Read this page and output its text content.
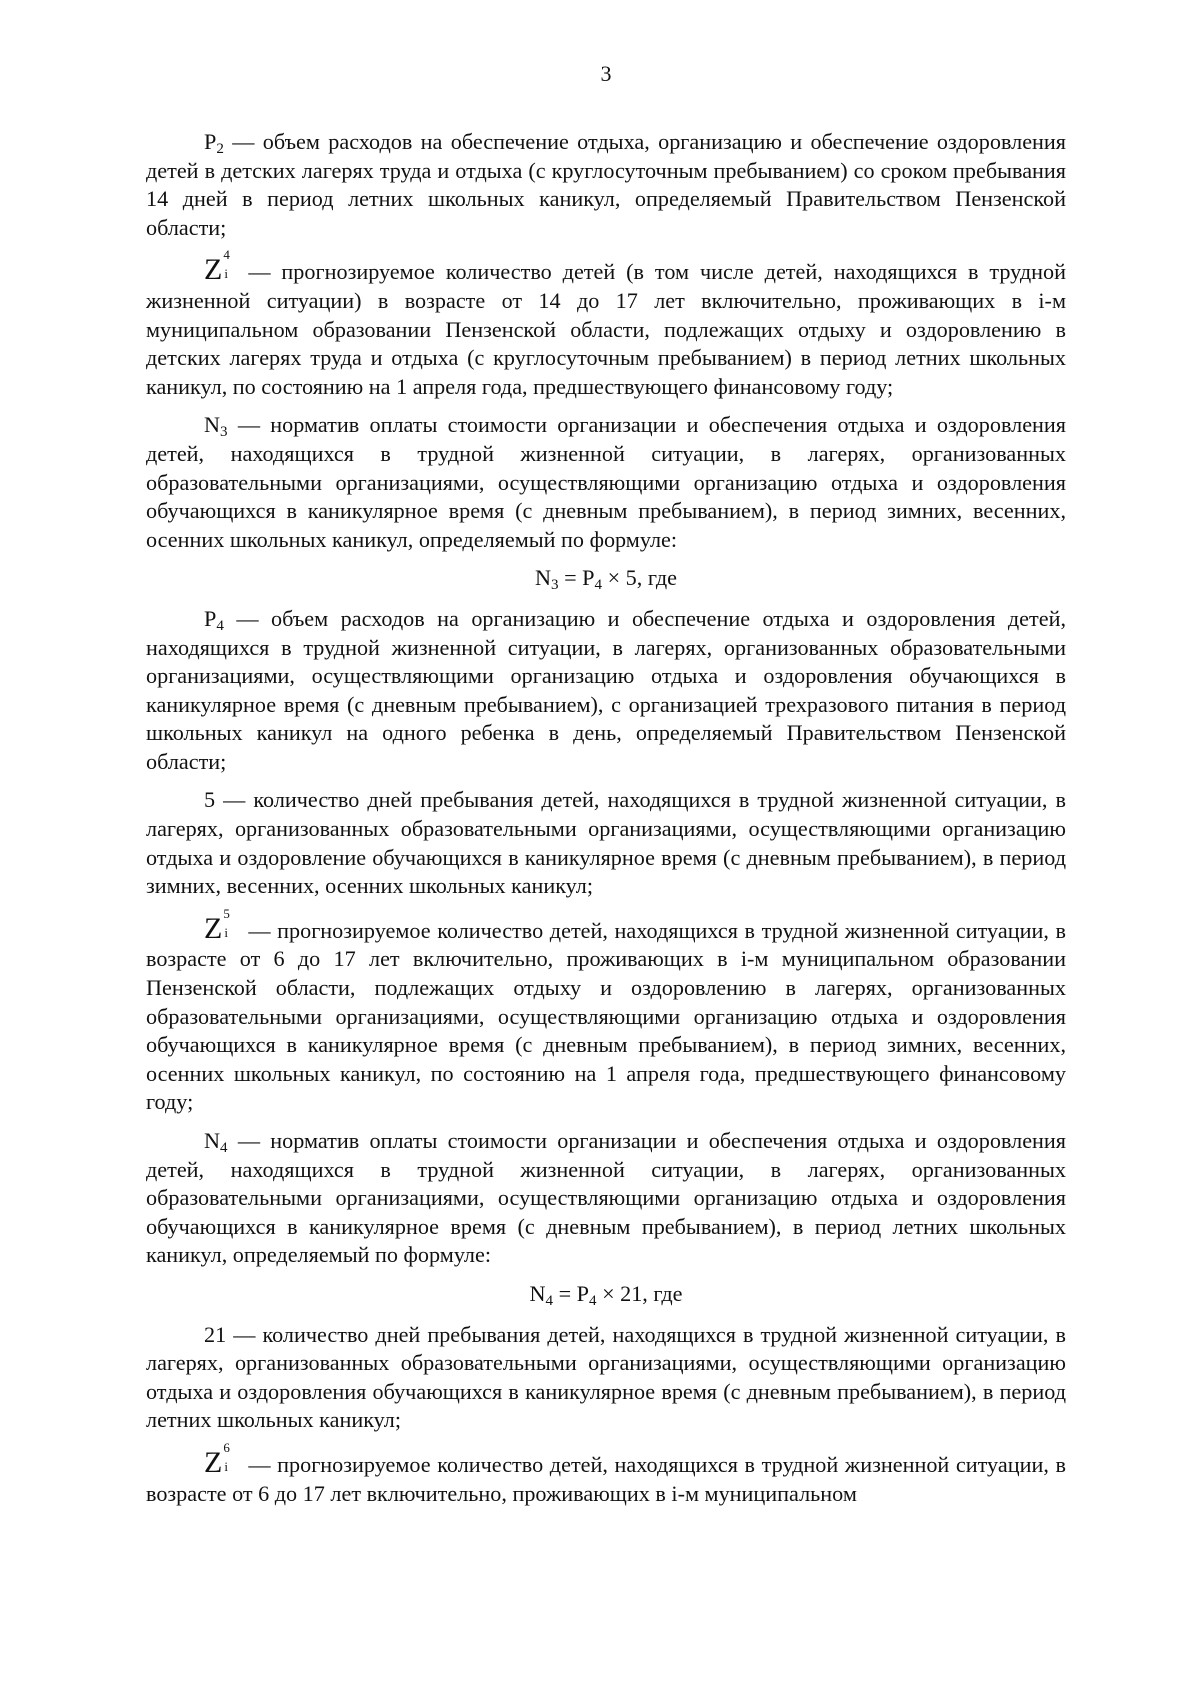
3

$P_2$ — объем расходов на обеспечение отдыха, организацию и обеспечение оздоровления детей в детских лагерях труда и отдыха (с круглосуточным пребыванием) со сроком пребывания 14 дней в период летних школьных каникул, определяемый Правительством Пензенской области;

Z 4
i — прогнозируемое количество детей (в том числе детей, находящихся в трудной жизненной ситуации) в возрасте от 14 до 17 лет включительно, проживающих в i-м муниципальном образовании Пензенской области, подлежащих отдыху и оздоровлению в детских лагерях труда и отдыха (с круглосуточным пребыванием) в период летних школьных каникул, по состоянию на 1 апреля года, предшествующего финансовому году;

$N_3$ — норматив оплаты стоимости организации и обеспечения отдыха и оздоровления детей, находящихся в трудной жизненной ситуации, в лагерях, организованных образовательными организациями, осуществляющими организацию отдыха и оздоровления обучающихся в каникулярное время (с дневным пребыванием), в период зимних, весенних, осенних школьных каникул, определяемый по формуле:

$N_3 = P_4 \times 5$, где

$P_4$ — объем расходов на организацию и обеспечение отдыха и оздоровления детей, находящихся в трудной жизненной ситуации, в лагерях, организованных образовательными организациями, осуществляющими организацию отдыха и оздоровления обучающихся в каникулярное время (с дневным пребыванием), с организацией трехразового питания в период школьных каникул на одного ребенка в день, определяемый Правительством Пензенской области;

5 — количество дней пребывания детей, находящихся в трудной жизненной ситуации, в лагерях, организованных образовательными организациями, осуществляющими организацию отдыха и оздоровление обучающихся в каникулярное время (с дневным пребыванием), в период зимних, весенних, осенних школьных каникул;

Z 5
i — прогнозируемое количество детей, находящихся в трудной жизненной ситуации, в возрасте от 6 до 17 лет включительно, проживающих в i-м муниципальном образовании Пензенской области, подлежащих отдыху и оздоровлению в лагерях, организованных образовательными организациями, осуществляющими организацию отдыха и оздоровления обучающихся в каникулярное время (с дневным пребыванием), в период зимних, весенних, осенних школьных каникул, по состоянию на 1 апреля года, предшествующего финансовому году;

$N_4$ — норматив оплаты стоимости организации и обеспечения отдыха и оздоровления детей, находящихся в трудной жизненной ситуации, в лагерях, организованных образовательными организациями, осуществляющими организацию отдыха и оздоровления обучающихся в каникулярное время (с дневным пребыванием), в период летних школьных каникул, определяемый по формуле:

$N_4 = P_4 \times 21$, где

21 — количество дней пребывания детей, находящихся в трудной жизненной ситуации, в лагерях, организованных образовательными организациями, осуществляющими организацию отдыха и оздоровления обучающихся в каникулярное время (с дневным пребыванием), в период летних школьных каникул;

Z 6
i — прогнозируемое количество детей, находящихся в трудной жизненной ситуации, в возрасте от 6 до 17 лет включительно, проживающих в i-м муниципальном
